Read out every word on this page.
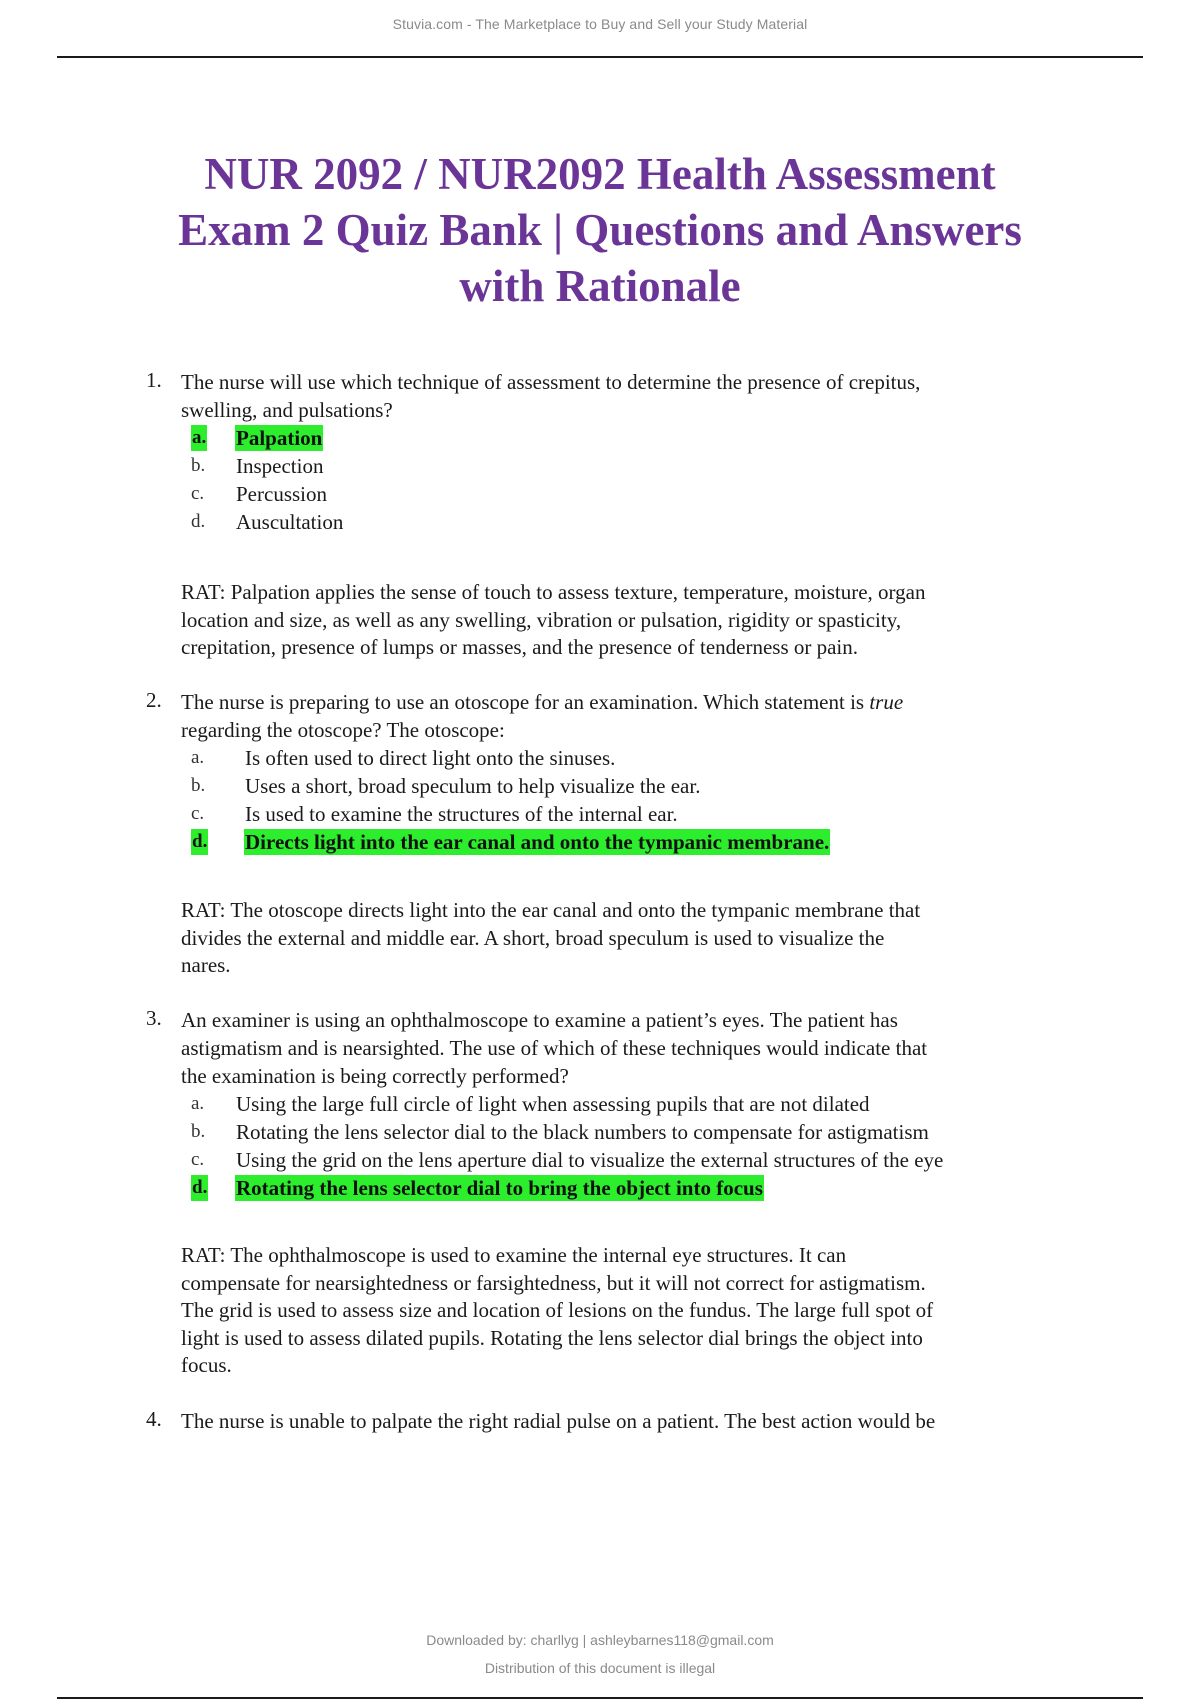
Stuvia.com - The Marketplace to Buy and Sell your Study Material
NUR 2092 / NUR2092 Health Assessment
Exam 2 Quiz Bank | Questions and Answers
with Rationale
1. The nurse will use which technique of assessment to determine the presence of crepitus,
swelling, and pulsations?
a. Palpation
b. Inspection
c. Percussion
d. Auscultation
RAT: Palpation applies the sense of touch to assess texture, temperature, moisture, organ
location and size, as well as any swelling, vibration or pulsation, rigidity or spasticity,
crepitation, presence of lumps or masses, and the presence of tenderness or pain.
2. The nurse is preparing to use an otoscope for an examination. Which statement is true
regarding the otoscope? The otoscope:
a. Is often used to direct light onto the sinuses.
b. Uses a short, broad speculum to help visualize the ear.
c. Is used to examine the structures of the internal ear.
d. Directs light into the ear canal and onto the tympanic membrane.
RAT: The otoscope directs light into the ear canal and onto the tympanic membrane that
divides the external and middle ear. A short, broad speculum is used to visualize the
nares.
3. An examiner is using an ophthalmoscope to examine a patient’s eyes. The patient has
astigmatism and is nearsighted. The use of which of these techniques would indicate that
the examination is being correctly performed?
a. Using the large full circle of light when assessing pupils that are not dilated
b. Rotating the lens selector dial to the black numbers to compensate for astigmatism
c. Using the grid on the lens aperture dial to visualize the external structures of the eye
d. Rotating the lens selector dial to bring the object into focus
RAT: The ophthalmoscope is used to examine the internal eye structures. It can
compensate for nearsightedness or farsightedness, but it will not correct for astigmatism.
The grid is used to assess size and location of lesions on the fundus. The large full spot of
light is used to assess dilated pupils. Rotating the lens selector dial brings the object into
focus.
4. The nurse is unable to palpate the right radial pulse on a patient. The best action would be
Downloaded by: charllyg | ashleybarnes118@gmail.com
Distribution of this document is illegal
